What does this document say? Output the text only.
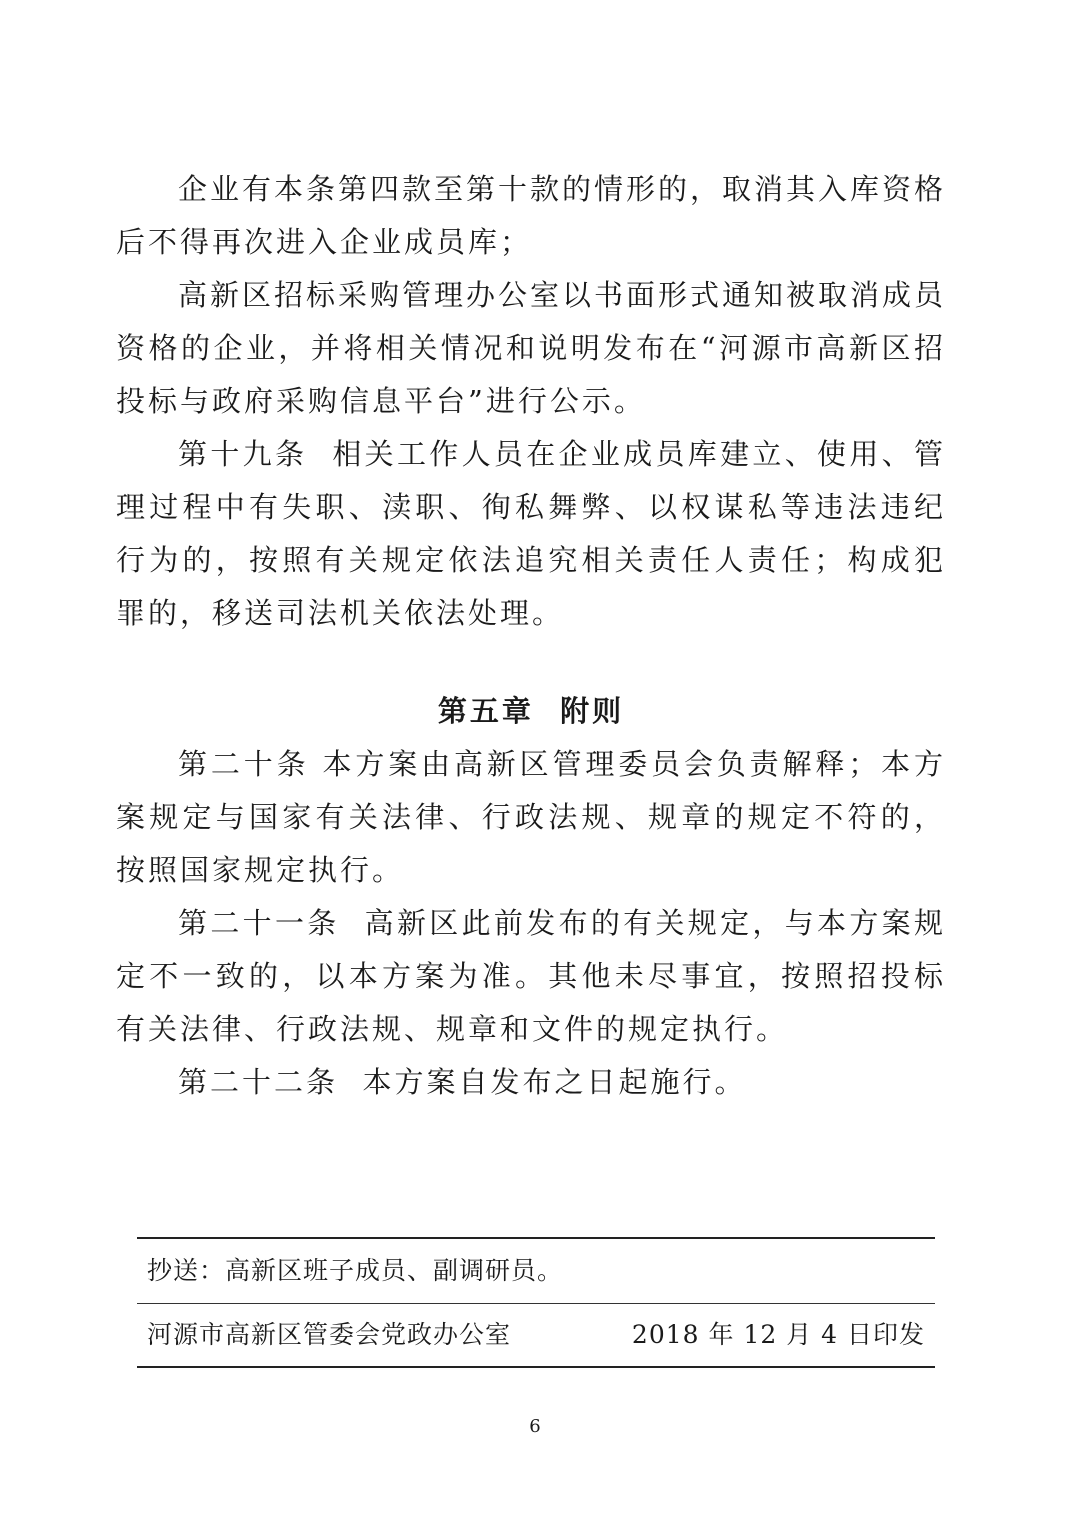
企业有本条第四款至第十款的情形的，取消其入库资格后不得再次进入企业成员库；

高新区招标采购管理办公室以书面形式通知被取消成员资格的企业，并将相关情况和说明发布在“河源市高新区招投标与政府采购信息平台”进行公示。

第十九条 相关工作人员在企业成员库建立、使用、管理过程中有失职、渎职、徇私舞弊、以权谋私等违法违纪行为的，按照有关规定依法追究相关责任人责任；构成犯罪的，移送司法机关依法处理。

第五章 附则

第二十条 本方案由高新区管理委员会负责解释；本方案规定与国家有关法律、行政法规、规章的规定不符的，按照国家规定执行。

第二十一条 高新区此前发布的有关规定，与本方案规定不一致的，以本方案为准。其他未尽事宜，按照招投标有关法律、行政法规、规章和文件的规定执行。

第二十二条 本方案自发布之日起施行。

抄送：高新区班子成员、副调研员。
河源市高新区管委会党政办公室	2018 年 12 月 4 日印发
6
